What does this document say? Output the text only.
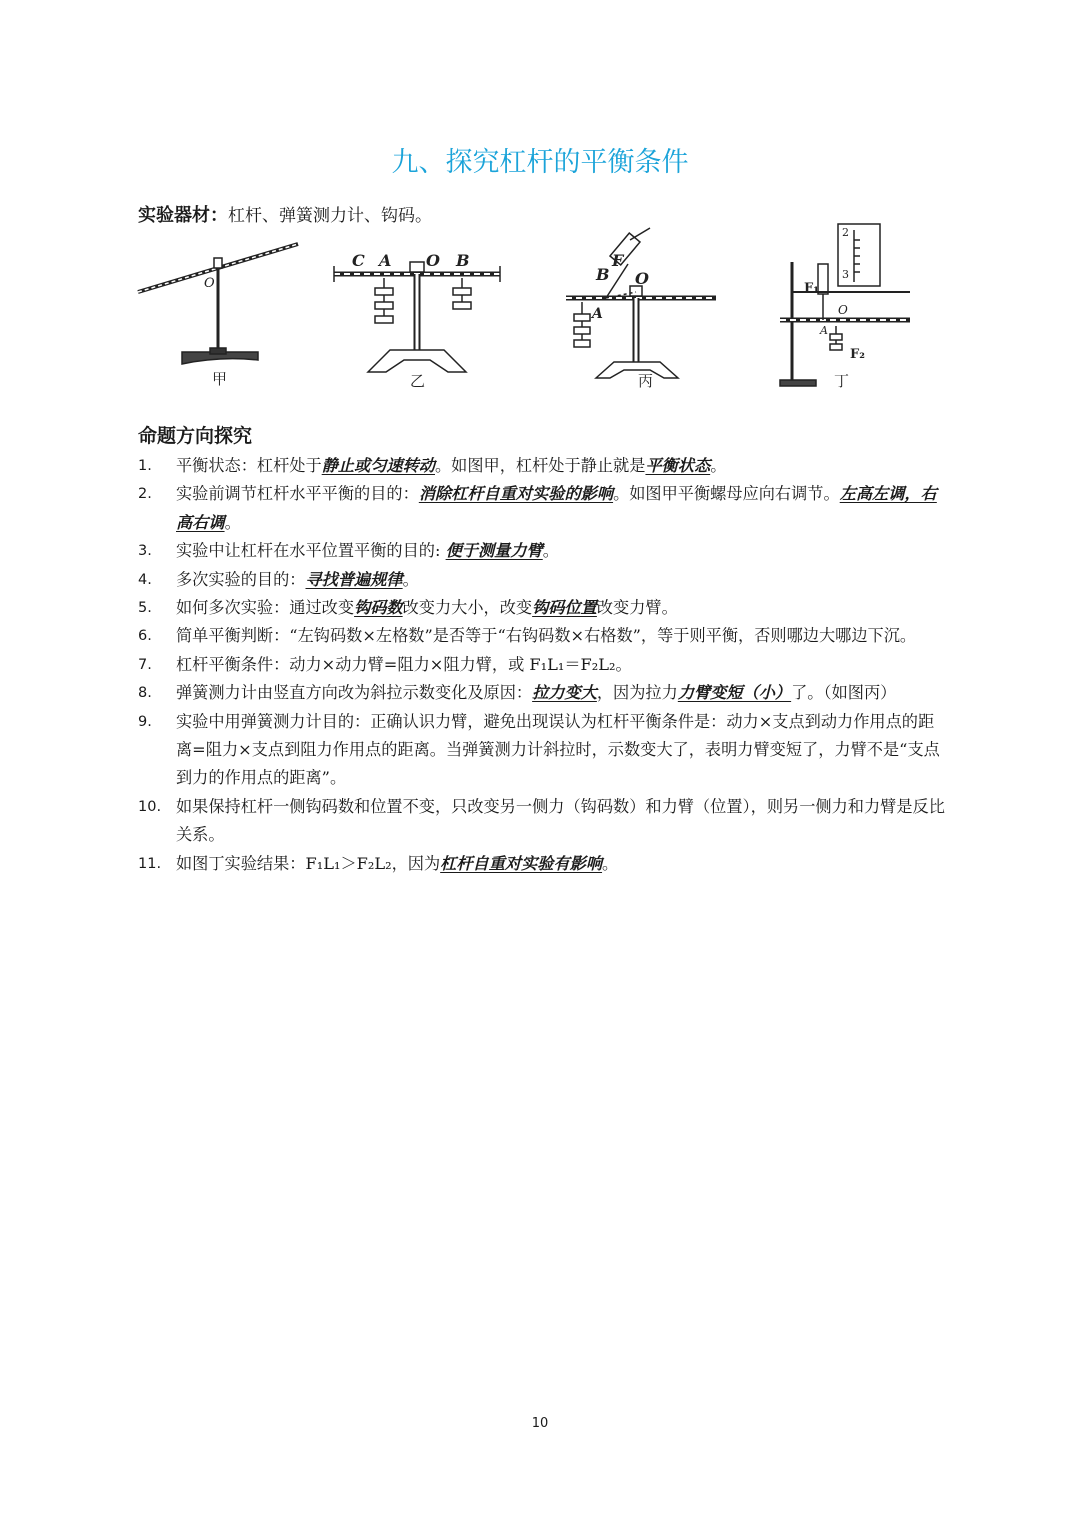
九、探究杠杆的平衡条件
实验器材：杠杆、弹簧测力计、钩码。
O
甲
C A O B
乙
F
B O
A
丙
2
3
F₁
O
A
F₂
丁
命题方向探究
1.	平衡状态：杠杆处于静止或匀速转动。如图甲，杠杆处于静止就是平衡状态。
2.	实验前调节杠杆水平平衡的目的：消除杠杆自重对实验的影响。如图甲平衡螺母应向右调节。左高左调，右高右调。
3.	实验中让杠杆在水平位置平衡的目的: 便于测量力臂。
4.	多次实验的目的：寻找普遍规律。
5.	如何多次实验：通过改变钩码数改变力大小，改变钩码位置改变力臂。
6.	简单平衡判断：“左钩码数×左格数”是否等于“右钩码数×右格数”，等于则平衡，否则哪边大哪边下沉。
7.	杠杆平衡条件：动力×动力臂=阻力×阻力臂，或 F₁L₁＝F₂L₂。
8.	弹簧测力计由竖直方向改为斜拉示数变化及原因：拉力变大，因为拉力力臂变短（小）了。（如图丙）
9.	实验中用弹簧测力计目的：正确认识力臂，避免出现误认为杠杆平衡条件是：动力×支点到动力作用点的距离=阻力×支点到阻力作用点的距离。当弹簧测力计斜拉时，示数变大了，表明力臂变短了，力臂不是“支点到力的作用点的距离”。
10. 如果保持杠杆一侧钩码数和位置不变，只改变另一侧力（钩码数）和力臂（位置），则另一侧力和力臂是反比关系。
11. 如图丁实验结果：F₁L₁＞F₂L₂，因为杠杆自重对实验有影响。
10
